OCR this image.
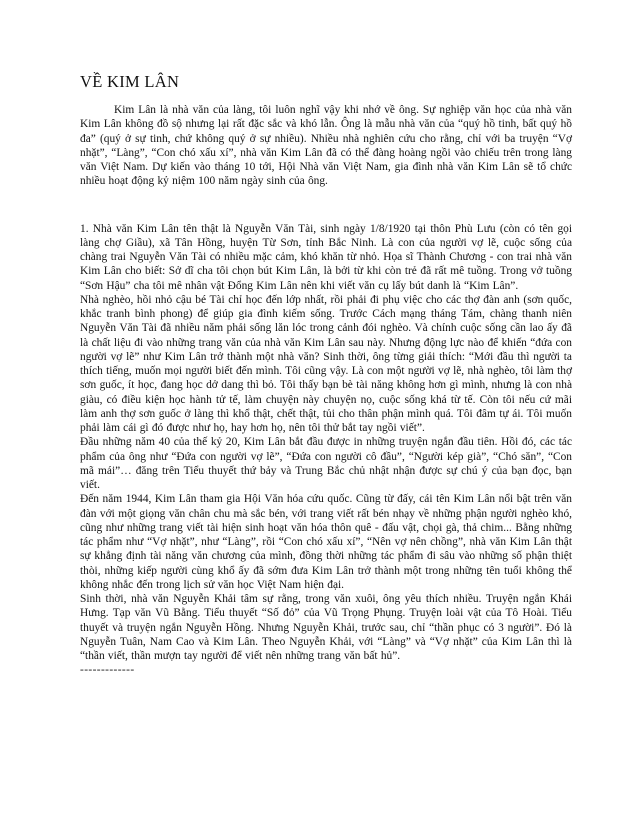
VỀ KIM LÂN

Kim Lân là nhà văn của làng, tôi luôn nghĩ vậy khi nhớ về ông. Sự nghiệp văn học của nhà văn Kim Lân không đồ sộ nhưng lại rất đặc sắc và khó lẫn. Ông là mẫu nhà văn của “quý hồ tinh, bất quý hồ đa” (quý ở sự tinh, chứ không quý ở sự nhiều). Nhiều nhà nghiên cứu cho rằng, chỉ với ba truyện “Vợ nhặt”, “Làng”, “Con chó xấu xí”, nhà văn Kim Lân đã có thể đàng hoàng ngồi vào chiếu trên trong làng văn Việt Nam. Dự kiến vào tháng 10 tới, Hội Nhà văn Việt Nam, gia đình nhà văn Kim Lân sẽ tổ chức nhiều hoạt động kỷ niệm 100 năm ngày sinh của ông.

1. Nhà văn Kim Lân tên thật là Nguyễn Văn Tài, sinh ngày 1/8/1920 tại thôn Phù Lưu (còn có tên gọi làng chợ Giầu), xã Tân Hồng, huyện Từ Sơn, tỉnh Bắc Ninh. Là con của người vợ lẽ, cuộc sống của chàng trai Nguyễn Văn Tài có nhiều mặc cảm, khó khăn từ nhỏ. Họa sĩ Thành Chương - con trai nhà văn Kim Lân cho biết: Sở dĩ cha tôi chọn bút Kim Lân, là bởi từ khi còn trẻ đã rất mê tuồng. Trong vở tuồng “Sơn Hậu” cha tôi mê nhân vật Đổng Kim Lân nên khi viết văn cụ lấy bút danh là “Kim Lân”.

Nhà nghèo, hồi nhỏ cậu bé Tài chỉ học đến lớp nhất, rồi phải đi phụ việc cho các thợ đàn anh (sơn quốc, khắc tranh bình phong) để giúp gia đình kiếm sống. Trước Cách mạng tháng Tám, chàng thanh niên Nguyễn Văn Tài đã nhiều năm phải sống lăn lóc trong cảnh đói nghèo. Và chính cuộc sống cần lao ấy đã là chất liệu đi vào những trang văn của nhà văn Kim Lân sau này. Nhưng động lực nào để khiến “đứa con người vợ lẽ” như Kim Lân trở thành một nhà văn? Sinh thời, ông từng giải thích: “Mới đầu thì người ta thích tiếng, muốn mọi người biết đến mình. Tôi cũng vậy. Là con một người vợ lẽ, nhà nghèo, tôi làm thợ sơn guốc, ít học, đang học dở dang thì bỏ. Tôi thấy bạn bè tài năng không hơn gì mình, nhưng là con nhà giàu, có điều kiện học hành tử tế, làm chuyện này chuyện nọ, cuộc sống khá từ tế. Còn tôi nếu cứ mãi làm anh thợ sơn guốc ở làng thì khổ thật, chết thật, tủi cho thân phận mình quá. Tôi đâm tự ái. Tôi muốn phải làm cái gì đó được như họ, hay hơn họ, nên tôi thử bắt tay ngồi viết”.

Đầu những năm 40 của thế kỷ 20, Kim Lân bắt đầu được in những truyện ngắn đầu tiên. Hồi đó, các tác phẩm của ông như “Đứa con người vợ lẽ”, “Đứa con người cô đầu”, “Người kép già”, “Chó săn”, “Con mã mái”… đăng trên Tiểu thuyết thứ bảy và Trung Bắc chủ nhật nhận được sự chú ý của bạn đọc, bạn viết.

Đến năm 1944, Kim Lân tham gia Hội Văn hóa cứu quốc. Cũng từ đấy, cái tên Kim Lân nổi bật trên văn đàn với một giọng văn chân chu mà sắc bén, với trang viết rất bén nhạy về những phận người nghèo khó, cũng như những trang viết tài hiện sinh hoạt văn hóa thôn quê - đấu vật, chọi gà, thả chim... Bằng những tác phẩm như “Vợ nhặt”, như “Làng”, rồi “Con chó xấu xí”, “Nên vợ nên chồng”, nhà văn Kim Lân thật sự khẳng định tài năng văn chương của mình, đồng thời những tác phẩm đi sâu vào những số phận thiệt thòi, những kiếp người cùng khổ ấy đã sớm đưa Kim Lân trở thành một trong những tên tuổi không thể không nhắc đến trong lịch sử văn học Việt Nam hiện đại.

Sinh thời, nhà văn Nguyễn Khải tâm sự rằng, trong văn xuôi, ông yêu thích nhiều. Truyện ngắn Khái Hưng. Tạp văn Vũ Bằng. Tiểu thuyết “Số đỏ” của Vũ Trọng Phụng. Truyện loài vật của Tô Hoài. Tiểu thuyết và truyện ngắn Nguyễn Hồng. Nhưng Nguyễn Khải, trước sau, chỉ “thần phục có 3 người”. Đó là Nguyễn Tuân, Nam Cao và Kim Lân. Theo Nguyễn Khải, với “Làng” và “Vợ nhặt” của Kim Lân thì là “thần viết, thần mượn tay người để viết nên những trang văn bất hủ”.

-------------
